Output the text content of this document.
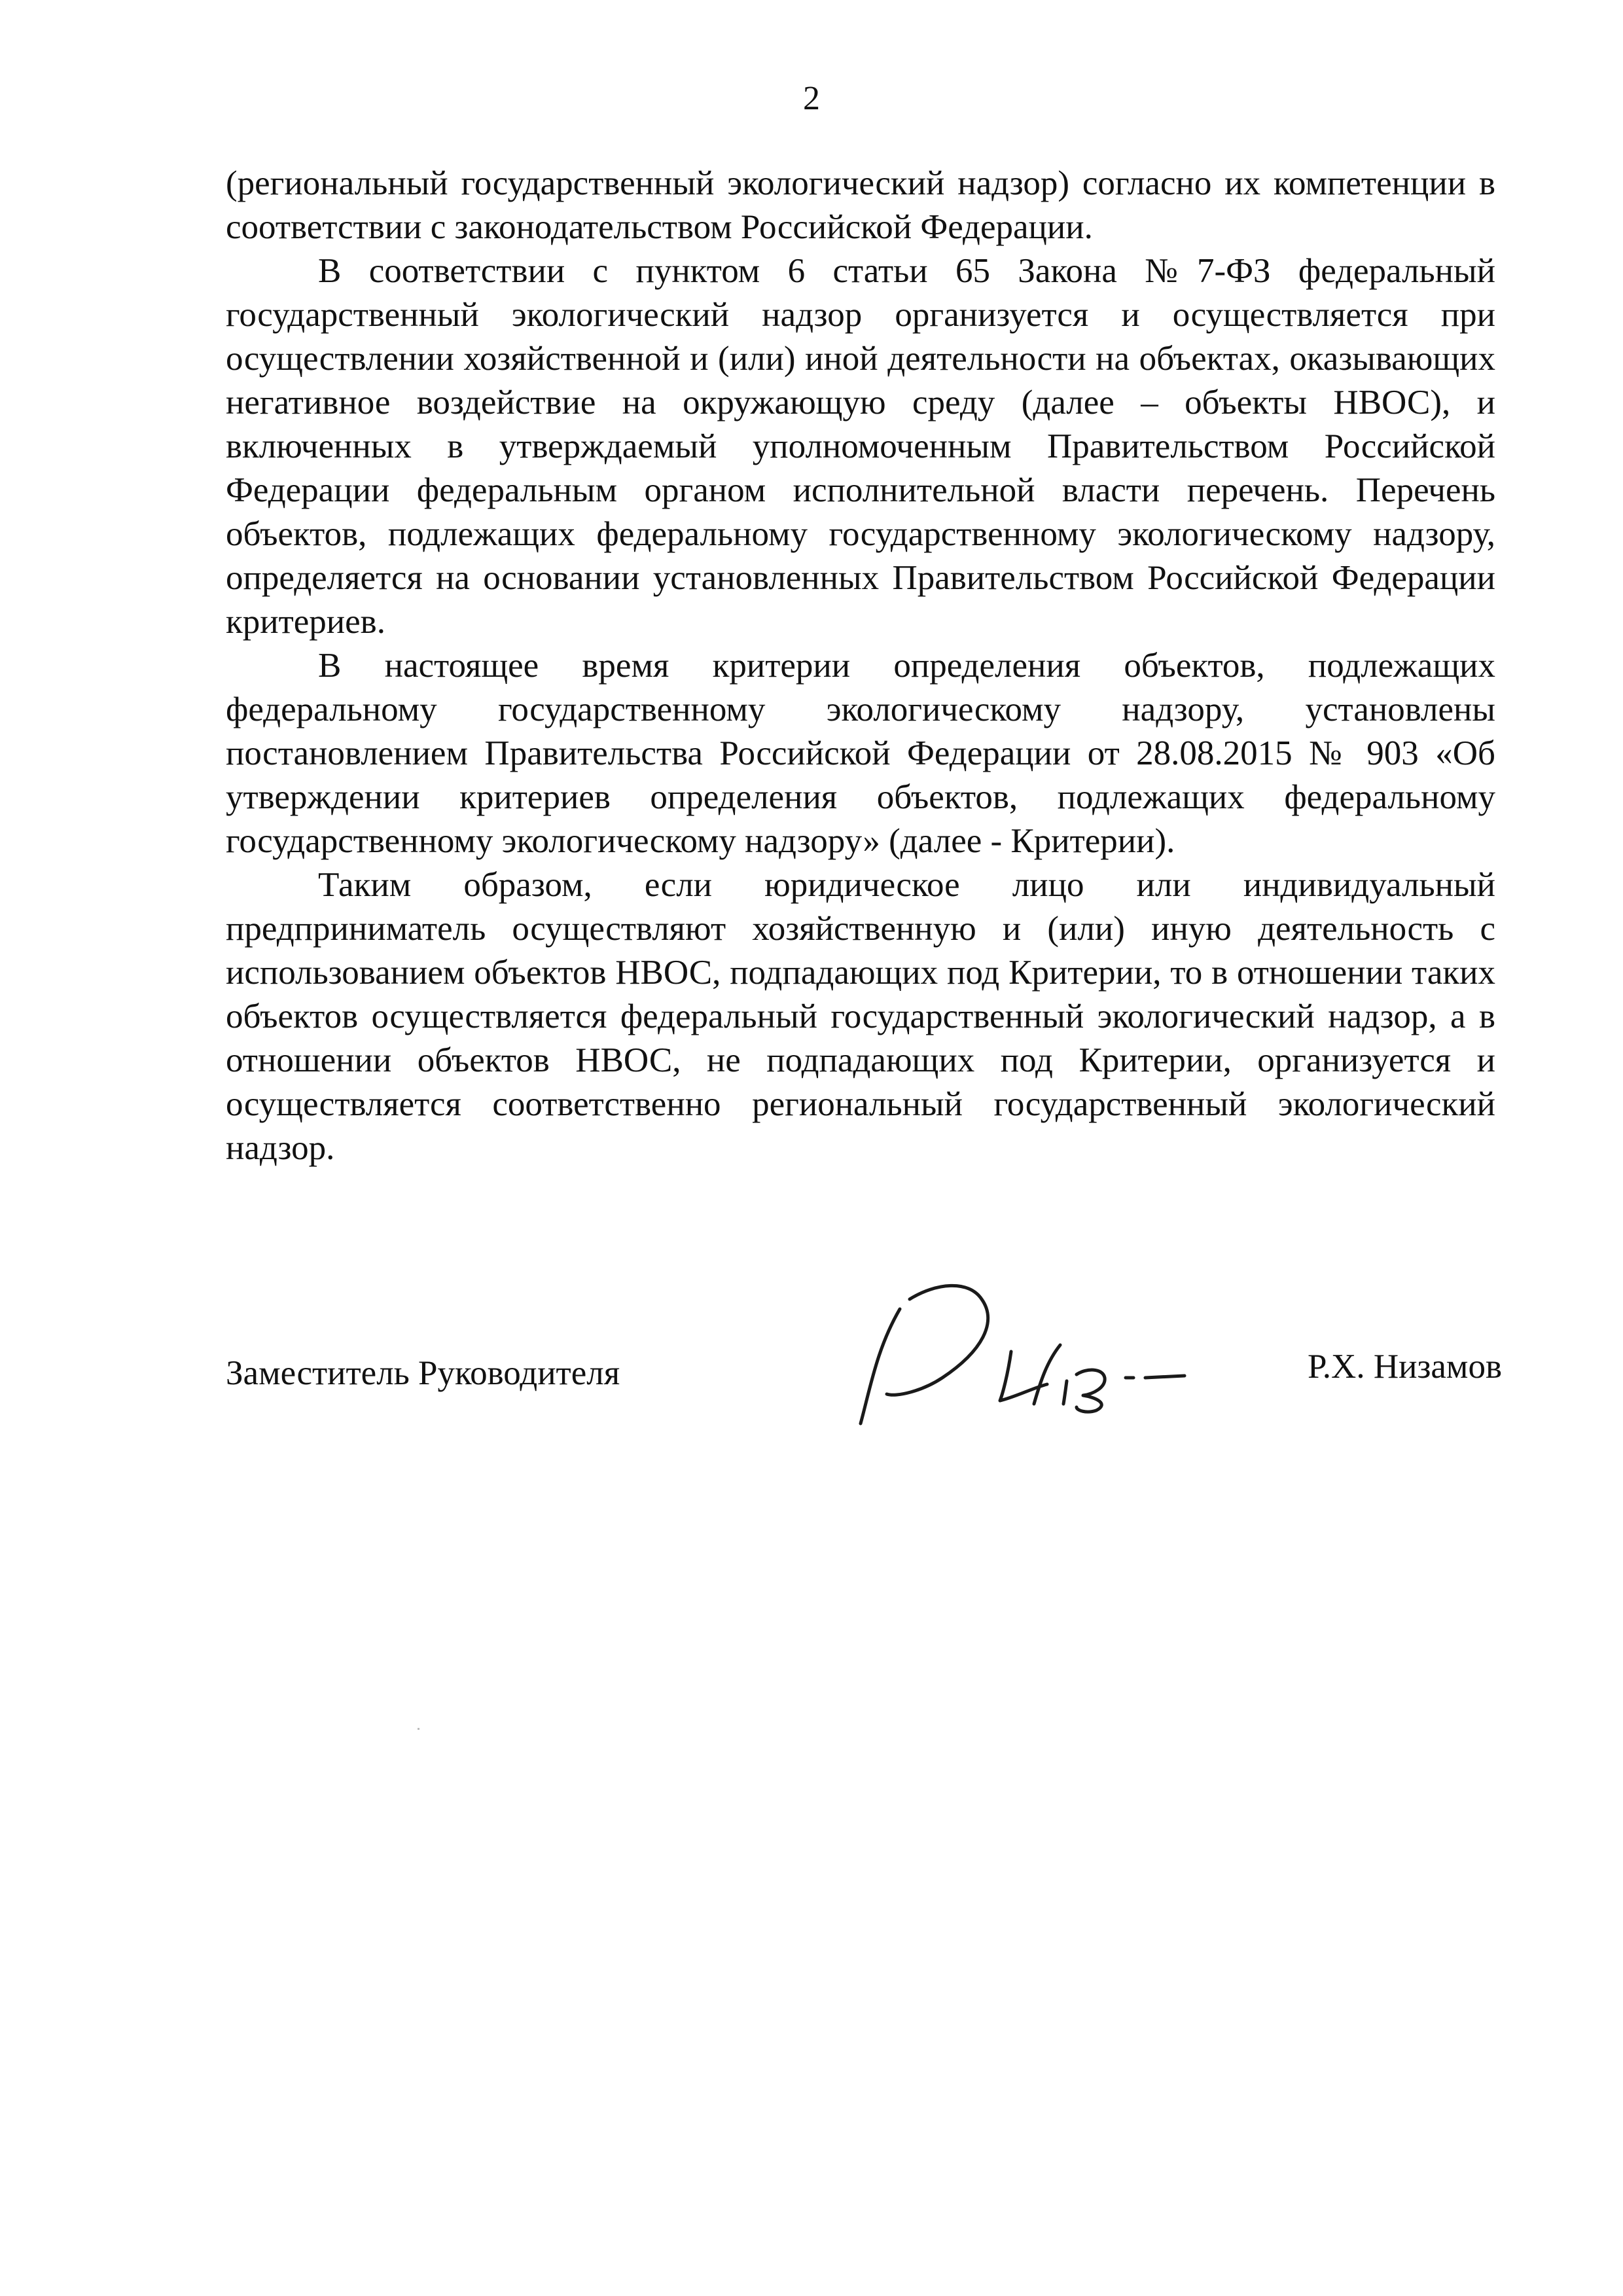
2

(региональный государственный экологический надзор) согласно их компетенции в соответствии с законодательством Российской Федерации.

В соответствии с пунктом 6 статьи 65 Закона №7-ФЗ федеральный государственный экологический надзор организуется и осуществляется при осуществлении хозяйственной и (или) иной деятельности на объектах, оказывающих негативное воздействие на окружающую среду (далее – объекты НВОС), и включенных в утверждаемый уполномоченным Правительством Российской Федерации федеральным органом исполнительной власти перечень. Перечень объектов, подлежащих федеральному государственному экологическому надзору, определяется на основании установленных Правительством Российской Федерации критериев.

В настоящее время критерии определения объектов, подлежащих федеральному государственному экологическому надзору, установлены постановлением Правительства Российской Федерации от 28.08.2015 № 903 «Об утверждении критериев определения объектов, подлежащих федеральному государственному экологическому надзору» (далее - Критерии).

Таким образом, если юридическое лицо или индивидуальный предприниматель осуществляют хозяйственную и (или) иную деятельность с использованием объектов НВОС, подпадающих под Критерии, то в отношении таких объектов осуществляется федеральный государственный экологический надзор, а в отношении объектов НВОС, не подпадающих под Критерии, организуется и осуществляется соответственно региональный государственный экологический надзор.

Заместитель Руководителя	Р.Х. Низамов
